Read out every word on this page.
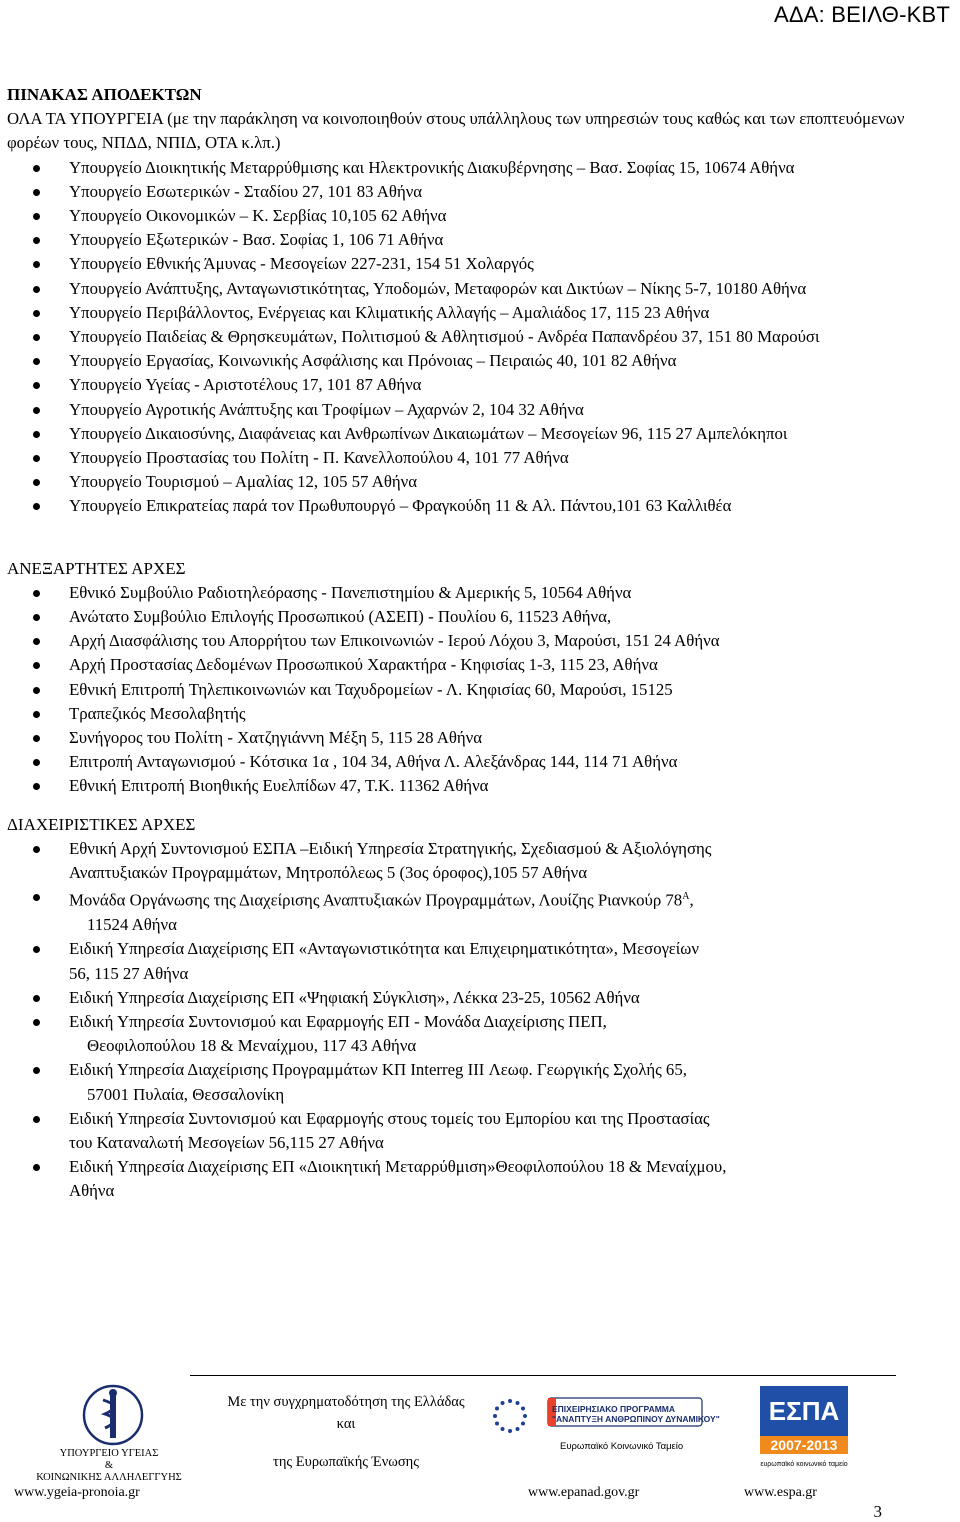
ΑΔΑ: ΒΕΙΛΘ-ΚΒΤ
ΠΙΝΑΚΑΣ ΑΠΟΔΕΚΤΩΝ

ΟΛΑ ΤΑ ΥΠΟΥΡΓΕΙΑ (με την παράκληση να κοινοποιηθούν στους υπάλληλους των υπηρεσιών τους καθώς και των εποπτευόμενων φορέων τους, ΝΠΔΔ, ΝΠΙΔ, ΟΤΑ κ.λπ.)

Υπουργείο Διοικητικής Μεταρρύθμισης και Ηλεκτρονικής Διακυβέρνησης – Βασ. Σοφίας 15, 10674 Αθήνα
Υπουργείο Εσωτερικών - Σταδίου 27, 101 83 Αθήνα
Υπουργείο Οικονομικών – Κ. Σερβίας 10,105 62 Αθήνα
Υπουργείο Εξωτερικών - Βασ. Σοφίας 1, 106 71 Αθήνα
Υπουργείο Εθνικής Άμυνας - Μεσογείων 227-231, 154 51 Χολαργός
Υπουργείο Ανάπτυξης, Ανταγωνιστικότητας, Υποδομών, Μεταφορών και Δικτύων – Νίκης 5-7, 10180 Αθήνα
Υπουργείο Περιβάλλοντος, Ενέργειας και Κλιματικής Αλλαγής – Αμαλιάδος 17, 115 23 Αθήνα
Υπουργείο Παιδείας & Θρησκευμάτων, Πολιτισμού & Αθλητισμού - Ανδρέα Παπανδρέου 37, 151 80 Μαρούσι
Υπουργείο Εργασίας, Κοινωνικής Ασφάλισης και Πρόνοιας – Πειραιώς 40, 101 82 Αθήνα
Υπουργείο Υγείας - Αριστοτέλους 17, 101 87 Αθήνα
Υπουργείο Αγροτικής Ανάπτυξης και Τροφίμων – Αχαρνών 2, 104 32 Αθήνα
Υπουργείο Δικαιοσύνης, Διαφάνειας και Ανθρωπίνων Δικαιωμάτων – Μεσογείων 96, 115 27 Αμπελόκηποι
Υπουργείο Προστασίας του Πολίτη - Π. Κανελλοπούλου 4, 101 77 Αθήνα
Υπουργείο Τουρισμού – Αμαλίας 12, 105 57 Αθήνα
Υπουργείο Επικρατείας παρά τον Πρωθυπουργό – Φραγκούδη 11 & Αλ. Πάντου,101 63 Καλλιθέα
ΑΝΕΞΑΡΤΗΤΕΣ ΑΡΧΕΣ
Εθνικό Συμβούλιο Ραδιοτηλεόρασης - Πανεπιστημίου & Αμερικής 5, 10564 Αθήνα
Ανώτατο Συμβούλιο Επιλογής Προσωπικού (ΑΣΕΠ) - Πουλίου 6, 11523 Αθήνα,
Αρχή Διασφάλισης του Απορρήτου των Επικοινωνιών - Ιερού Λόχου 3, Μαρούσι, 151 24 Αθήνα
Αρχή Προστασίας Δεδομένων Προσωπικού Χαρακτήρα - Κηφισίας 1-3, 115 23, Αθήνα
Εθνική Επιτροπή Τηλεπικοινωνιών και Ταχυδρομείων - Λ. Κηφισίας 60, Μαρούσι, 15125
Τραπεζικός Μεσολαβητής
Συνήγορος του Πολίτη - Χατζηγιάννη Μέξη 5, 115 28 Αθήνα
Επιτροπή Ανταγωνισμού - Κότσικα 1α , 104 34, Αθήνα Λ. Αλεξάνδρας 144, 114 71 Αθήνα
Εθνική Επιτροπή Βιοηθικής Ευελπίδων 47, Τ.Κ. 11362 Αθήνα
ΔΙΑΧΕΙΡΙΣΤΙΚΕΣ ΑΡΧΕΣ
Εθνική Αρχή Συντονισμού ΕΣΠΑ –Ειδική Υπηρεσία Στρατηγικής, Σχεδιασμού & Αξιολόγησης
Αναπτυξιακών Προγραμμάτων, Μητροπόλεως 5 (3ος όροφος),105 57 Αθήνα
Μονάδα Οργάνωσης της Διαχείρισης Αναπτυξιακών Προγραμμάτων, Λουίζης Ριανκούρ $78^A$,
11524 Αθήνα
Ειδική Υπηρεσία Διαχείρισης ΕΠ «Ανταγωνιστικότητα και Επιχειρηματικότητα», Μεσογείων
56, 115 27 Αθήνα
Ειδική Υπηρεσία Διαχείρισης ΕΠ «Ψηφιακή Σύγκλιση», Λέκκα 23-25, 10562 Αθήνα
Ειδική Υπηρεσία Συντονισμού και Εφαρμογής ΕΠ - Μονάδα Διαχείρισης ΠΕΠ,
Θεοφιλοπούλου 18 & Μεναίχμου, 117 43 Αθήνα
Ειδική Υπηρεσία Διαχείρισης Προγραμμάτων ΚΠ Interreg III Λεωφ. Γεωργικής Σχολής 65,
57001 Πυλαία, Θεσσαλονίκη
Ειδική Υπηρεσία Συντονισμού και Εφαρμογής στους τομείς του Εμπορίου και της Προστασίας
του Καταναλωτή Μεσογείων 56,115 27 Αθήνα
Ειδική Υπηρεσία Διαχείρισης ΕΠ «Διοικητική Μεταρρύθμιση»Θεοφιλοπούλου 18 & Μεναίχμου,
Αθήνα
ΥΠΟΥΡΓΕΙΟ ΥΓΕΙΑΣ
&
ΚΟΙΝΩΝΙΚΗΣ ΑΛΛΗΛΕΓΓΥΗΣ
Με την συγχρηματοδότηση της Ελλάδας
και
της Ευρωπαϊκής Ένωσης
ΕΠΙΧΕΙΡΗΣΙΑΚΟ ΠΡΟΓΡΑΜΜΑ
"ΑΝΑΠΤΥΞΗ ΑΝΘΡΩΠΙΝΟΥ ΔΥΝΑΜΙΚΟΥ"
Ευρωπαϊκό Κοινωνικό Ταμείο
ΕΣΠΑ
2007-2013
ευρωπαϊκό κοινωνικό ταμείο
www.ygeia-pronoia.gr	www.epanad.gov.gr	www.espa.gr
3
